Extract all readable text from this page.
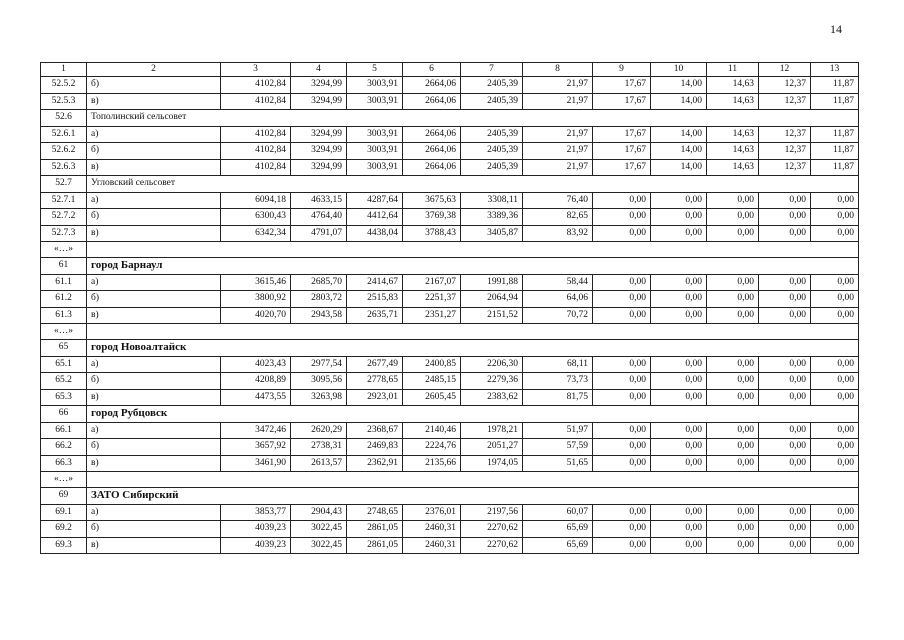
14
1	2	3	4	5	6	7	8	9	10	11	12	13
52.5.2	б)	4102,84	3294,99	3003,91	2664,06	2405,39	21,97	17,67	14,00	14,63	12,37	11,87
52.5.3	в)	4102,84	3294,99	3003,91	2664,06	2405,39	21,97	17,67	14,00	14,63	12,37	11,87
52.6	Тополинский сельсовет											
52.6.1	а)	4102,84	3294,99	3003,91	2664,06	2405,39	21,97	17,67	14,00	14,63	12,37	11,87
52.6.2	б)	4102,84	3294,99	3003,91	2664,06	2405,39	21,97	17,67	14,00	14,63	12,37	11,87
52.6.3	в)	4102,84	3294,99	3003,91	2664,06	2405,39	21,97	17,67	14,00	14,63	12,37	11,87
52.7	Угловский сельсовет											
52.7.1	а)	6094,18	4633,15	4287,64	3675,63	3308,11	76,40	0,00	0,00	0,00	0,00	0,00
52.7.2	б)	6300,43	4764,40	4412,64	3769,38	3389,36	82,65	0,00	0,00	0,00	0,00	0,00
52.7.3	в)	6342,34	4791,07	4438,04	3788,43	3405,87	83,92	0,00	0,00	0,00	0,00	0,00
«…»												
61	город Барнаул											
61.1	а)	3615,46	2685,70	2414,67	2167,07	1991,88	58,44	0,00	0,00	0,00	0,00	0,00
61.2	б)	3800,92	2803,72	2515,83	2251,37	2064,94	64,06	0,00	0,00	0,00	0,00	0,00
61.3	в)	4020,70	2943,58	2635,71	2351,27	2151,52	70,72	0,00	0,00	0,00	0,00	0,00
«…»												
65	город Новоалтайск											
65.1	а)	4023,43	2977,54	2677,49	2400,85	2206,30	68,11	0,00	0,00	0,00	0,00	0,00
65.2	б)	4208,89	3095,56	2778,65	2485,15	2279,36	73,73	0,00	0,00	0,00	0,00	0,00
65.3	в)	4473,55	3263,98	2923,01	2605,45	2383,62	81,75	0,00	0,00	0,00	0,00	0,00
66	город Рубцовск											
66.1	а)	3472,46	2620,29	2368,67	2140,46	1978,21	51,97	0,00	0,00	0,00	0,00	0,00
66.2	б)	3657,92	2738,31	2469,83	2224,76	2051,27	57,59	0,00	0,00	0,00	0,00	0,00
66.3	в)	3461,90	2613,57	2362,91	2135,66	1974,05	51,65	0,00	0,00	0,00	0,00	0,00
«…»												
69	ЗАТО Сибирский											
69.1	а)	3853,77	2904,43	2748,65	2376,01	2197,56	60,07	0,00	0,00	0,00	0,00	0,00
69.2	б)	4039,23	3022,45	2861,05	2460,31	2270,62	65,69	0,00	0,00	0,00	0,00	0,00
69.3	в)	4039,23	3022,45	2861,05	2460,31	2270,62	65,69	0,00	0,00	0,00	0,00	0,00
